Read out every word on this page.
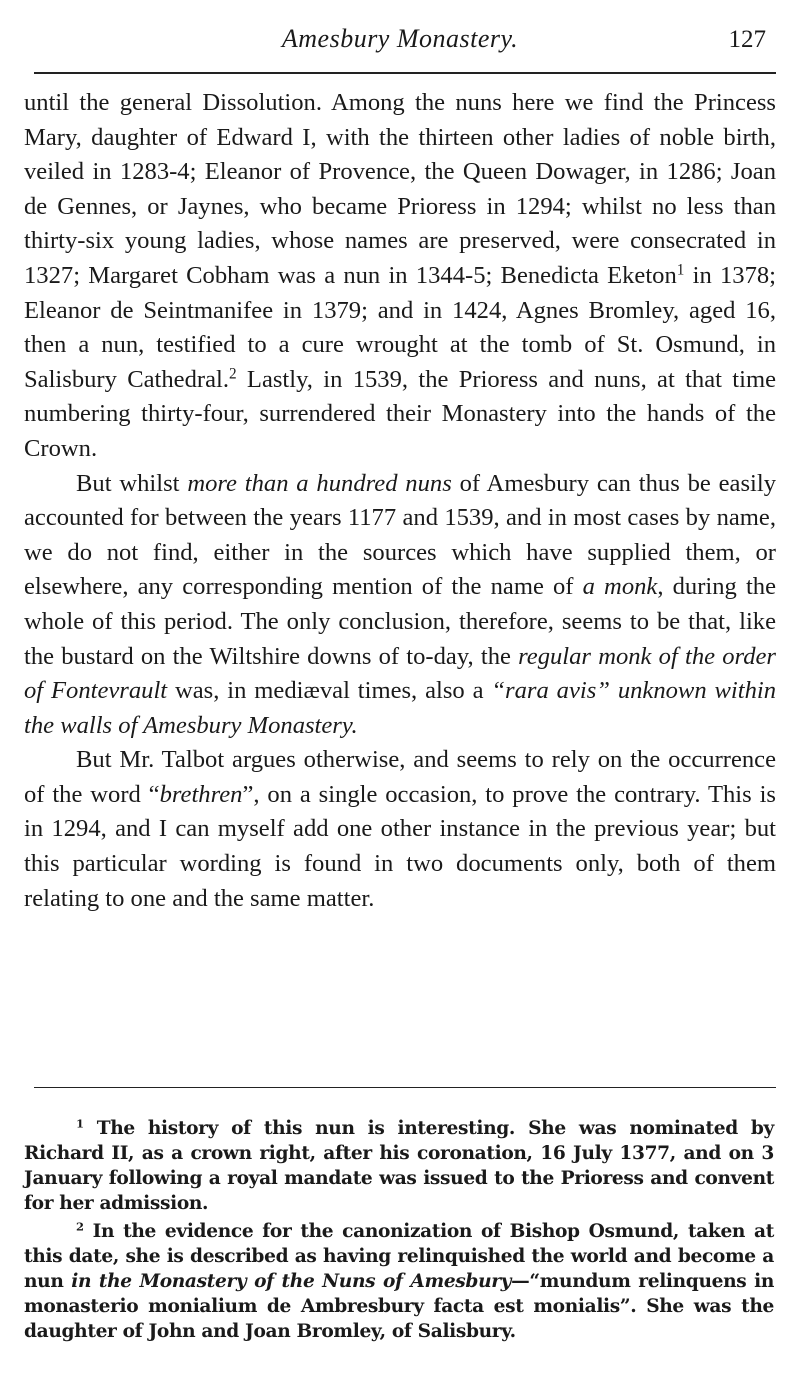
Amesbury Monastery.	127

until the general Dissolution. Among the nuns here we find the Princess Mary, daughter of Edward I, with the thirteen other ladies of noble birth, veiled in 1283-4; Eleanor of Provence, the Queen Dowager, in 1286; Joan de Gennes, or Jaynes, who became Prioress in 1294; whilst no less than thirty-six young ladies, whose names are preserved, were consecrated in 1327; Margaret Cobham was a nun in 1344-5; Benedicta Eketon$^1$ in 1378; Eleanor de Seintmanifee in 1379; and in 1424, Agnes Bromley, aged 16, then a nun, testified to a cure wrought at the tomb of St. Osmund, in Salisbury Cathedral.$^2$ Lastly, in 1539, the Prioress and nuns, at that time numbering thirty-four, surrendered their Monastery into the hands of the Crown.

But whilst more than a hundred nuns of Amesbury can thus be easily accounted for between the years 1177 and 1539, and in most cases by name, we do not find, either in the sources which have supplied them, or elsewhere, any corresponding mention of the name of a monk, during the whole of this period. The only conclusion, therefore, seems to be that, like the bustard on the Wiltshire downs of to-day, the regular monk of the order of Fontevrault was, in mediæval times, also a “rara avis” unknown within the walls of Amesbury Monastery.

But Mr. Talbot argues otherwise, and seems to rely on the occurrence of the word “brethren”, on a single occasion, to prove the contrary. This is in 1294, and I can myself add one other instance in the previous year; but this particular wording is found in two documents only, both of them relating to one and the same matter.

$^1$ The history of this nun is interesting. She was nominated by Richard II, as a crown right, after his coronation, 16 July 1377, and on 3 January following a royal mandate was issued to the Prioress and convent for her admission.

$^2$ In the evidence for the canonization of Bishop Osmund, taken at this date, she is described as having relinquished the world and become a nun in the Monastery of the Nuns of Amesbury—“mundum relinquens in monasterio monialium de Ambresbury facta est monialis”. She was the daughter of John and Joan Bromley, of Salisbury.
